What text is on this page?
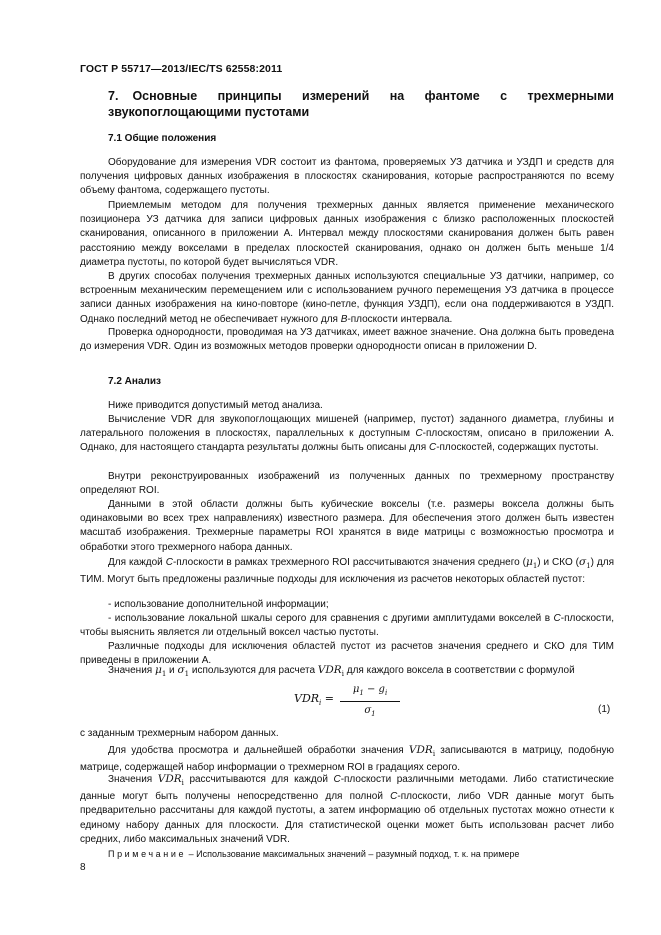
ГОСТ Р 55717—2013/IEC/TS 62558:2011
7. Основные принципы измерений на фантоме с трехмерными звукопоглощающими пустотами
7.1 Общие положения
Оборудование для измерения VDR состоит из фантома, проверяемых УЗ датчика и УЗДП и средств для получения цифровых данных изображения в плоскостях сканирования, которые распространяются по всему объему фантома, содержащего пустоты.
Приемлемым методом для получения трехмерных данных является применение механического позиционера УЗ датчика для записи цифровых данных изображения с близко расположенных плоскостей сканирования, описанного в приложении А. Интервал между плоскостями сканирования должен быть равен расстоянию между вокселами в пределах плоскостей сканирования, однако он должен быть меньше 1/4 диаметра пустоты, по которой будет вычисляться VDR.
В других способах получения трехмерных данных используются специальные УЗ датчики, например, со встроенным механическим перемещением или с использованием ручного перемещения УЗ датчика в процессе записи данных изображения на кино-повторе (кино-петле, функция УЗДП), если она поддерживаются в УЗДП. Однако последний метод не обеспечивает нужного для В-плоскости интервала.
Проверка однородности, проводимая на УЗ датчиках, имеет важное значение. Она должна быть проведена до измерения VDR. Один из возможных методов проверки однородности описан в приложении D.
7.2 Анализ
Ниже приводится допустимый метод анализа.
Вычисление VDR для звукопоглощающих мишеней (например, пустот) заданного диаметра, глубины и латерального положения в плоскостях, параллельных к доступным С-плоскостям, описано в приложении А. Однако, для настоящего стандарта результаты должны быть описаны для С-плоскостей, содержащих пустоты.
Внутри реконструированных изображений из полученных данных по трехмерному пространству определяют ROI.
Данными в этой области должны быть кубические вокселы (т.е. размеры воксела должны быть одинаковыми во всех трех направлениях) известного размера. Для обеспечения этого должен быть известен масштаб изображения. Трехмерные параметры ROI хранятся в виде матрицы с возможностью просмотра и обработки этого трехмерного набора данных.
Для каждой С-плоскости в рамках трехмерного ROI рассчитываются значения среднего $(\mu_1)$ и СКО $(\sigma_1)$ для ТИМ. Могут быть предложены различные подходы для исключения из расчетов некоторых областей пустот:
- использование дополнительной информации;
- использование локальной шкалы серого для сравнения с другими амплитудами вокселей в С-плоскости, чтобы выяснить является ли отдельный воксел частью пустоты.
Различные подходы для исключения областей пустот из расчетов значения среднего и СКО для ТИМ приведены в приложении А.
Значения $\mu_1$ и $\sigma_1$ используются для расчета $VDR_i$ для каждого воксела в соответствии с формулой
$VDR_i$ =
$\mu_1 - g_i$
$\sigma_1$	(1)
с заданным трехмерным набором данных.
Для удобства просмотра и дальнейшей обработки значения $VDR_i$ записываются в матрицу, подобную матрице, содержащей набор информации о трехмерном ROI в градациях серого.
Значения $VDR_i$ рассчитываются для каждой С-плоскости различными методами. Либо статистические данные могут быть получены непосредственно для полной С-плоскости, либо VDR данные могут быть предварительно рассчитаны для каждой пустоты, а затем информацию об отдельных пустотах можно отнести к единому набору данных для плоскости. Для статистической оценки может быть использован расчет либо средних, либо максимальных значений VDR.
Примечание – Использование максимальных значений – разумный подход, т. к. на примере
8
